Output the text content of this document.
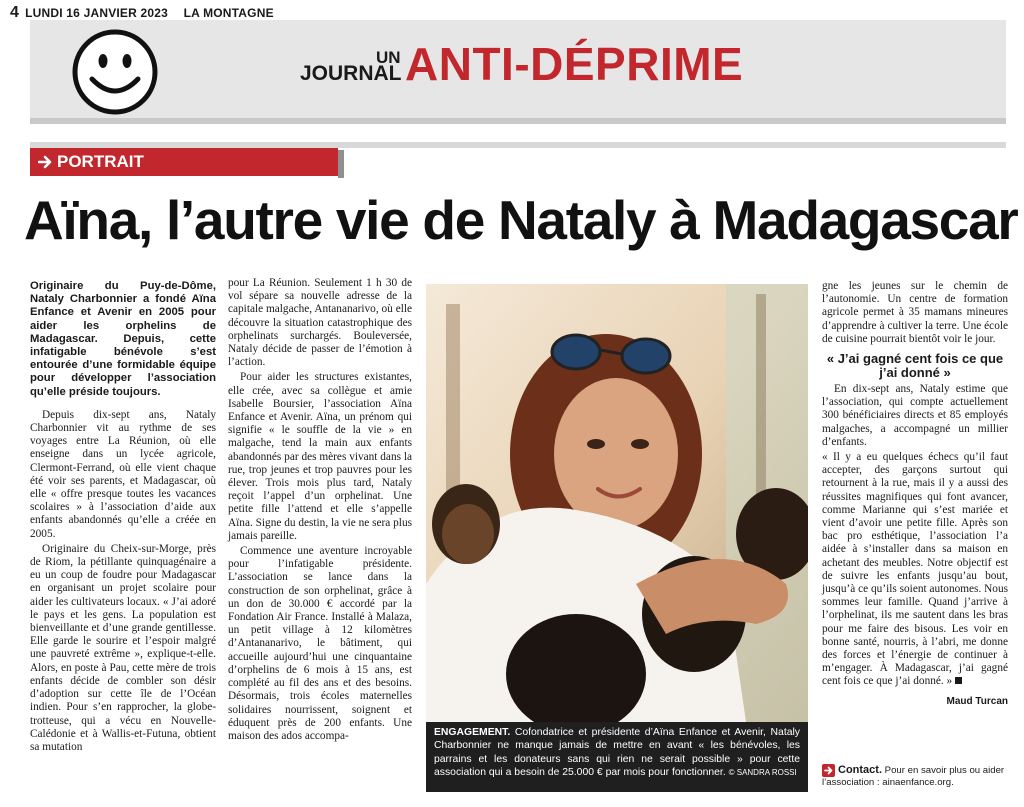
4 LUNDI 16 JANVIER 2023 LA MONTAGNE
UN
JOURNAL ANTI-DÉPRIME
PORTRAIT
Aïna, l’autre vie de Nataly à Madagascar
Originaire du Puy-de-Dôme, Nataly Charbonnier a fondé Aïna Enfance et Avenir en 2005 pour aider les orphelins de Madagascar. Depuis, cette infatigable bénévole s’est entourée d’une formidable équipe pour développer l’association qu’elle préside toujours.

Depuis dix-sept ans, Nataly Charbonnier vit au rythme de ses voyages entre La Réunion, où elle enseigne dans un lycée agricole, Clermont-Ferrand, où elle vient chaque été voir ses parents, et Madagascar, où elle « offre presque toutes les vacances scolaires » à l’association d’aide aux enfants abandonnés qu’elle a créée en 2005.

Originaire du Cheix-sur-Morge, près de Riom, la pétillante quinquagénaire a eu un coup de foudre pour Madagascar en organisant un projet scolaire pour aider les cultivateurs locaux. « J’ai adoré le pays et les gens. La population est bienveillante et d’une grande gentillesse. Elle garde le sourire et l’espoir malgré une pauvreté extrême », explique-t-elle. Alors, en poste à Pau, cette mère de trois enfants décide de combler son désir d’adoption sur cette île de l’Océan indien. Pour s’en rapprocher, la globe-trotteuse, qui a vécu en Nouvelle-Calédonie et à Wallis-et-Futuna, obtient sa mutation

pour La Réunion. Seulement 1 h 30 de vol sépare sa nouvelle adresse de la capitale malgache, Antananarivo, où elle découvre la situation catastrophique des orphelinats surchargés. Bouleversée, Nataly décide de passer de l’émotion à l’action.

Pour aider les structures existantes, elle crée, avec sa collègue et amie Isabelle Boursier, l’association Aïna Enfance et Avenir. Aïna, un prénom qui signifie « le souffle de la vie » en malgache, tend la main aux enfants abandonnés par des mères vivant dans la rue, trop jeunes et trop pauvres pour les élever. Trois mois plus tard, Nataly reçoit l’appel d’un orphelinat. Une petite fille l’attend et elle s’appelle Aïna. Signe du destin, la vie ne sera plus jamais pareille.

Commence une aventure incroyable pour l’infatigable présidente. L’association se lance dans la construction de son orphelinat, grâce à un don de 30.000 € accordé par la Fondation Air France. Installé à Malaza, un petit village à 12 kilomètres d’Antananarivo, le bâtiment, qui accueille aujourd’hui une cinquantaine d’orphelins de 6 mois à 15 ans, est complété au fil des ans et des besoins. Désormais, trois écoles maternelles solidaires nourrissent, soignent et éduquent près de 200 enfants. Une maison des ados accompa-	ENGAGEMENT. Cofondatrice et présidente d’Aïna Enfance et Avenir, Nataly Charbonnier ne manque jamais de mettre en avant « les bénévoles, les parrains et les donateurs sans qui rien ne serait possible » pour cette association qui a besoin de 25.000 € par mois pour fonctionner. © SANDRA ROSSI

gne les jeunes sur le chemin de l’autonomie. Un centre de formation agricole permet à 35 mamans mineures d’apprendre à cultiver la terre. Une école de cuisine pourrait bientôt voir le jour.

« J’ai gagné cent fois ce que j’ai donné »

En dix-sept ans, Nataly estime que l’association, qui compte actuellement 300 bénéficiaires directs et 85 employés malgaches, a accompagné un millier d’enfants.

« Il y a eu quelques échecs qu’il faut accepter, des garçons surtout qui retournent à la rue, mais il y a aussi des réussites magnifiques qui font avancer, comme Marianne qui s’est mariée et vient d’avoir une petite fille. Après son bac pro esthétique, l’association l’a aidée à s’installer dans sa maison en achetant des meubles. Notre objectif est de suivre les enfants jusqu’au bout, jusqu’à ce qu’ils soient autonomes. Nous sommes leur famille. Quand j’arrive à l’orphelinat, ils me sautent dans les bras pour me faire des bisous. Les voir en bonne santé, nourris, à l’abri, me donne des forces et l’énergie de continuer à m’engager. À Madagascar, j’ai gagné cent fois ce que j’ai donné. »

Maud Turcan
Contact. Pour en savoir plus ou aider l’association : ainaenfance.org.
